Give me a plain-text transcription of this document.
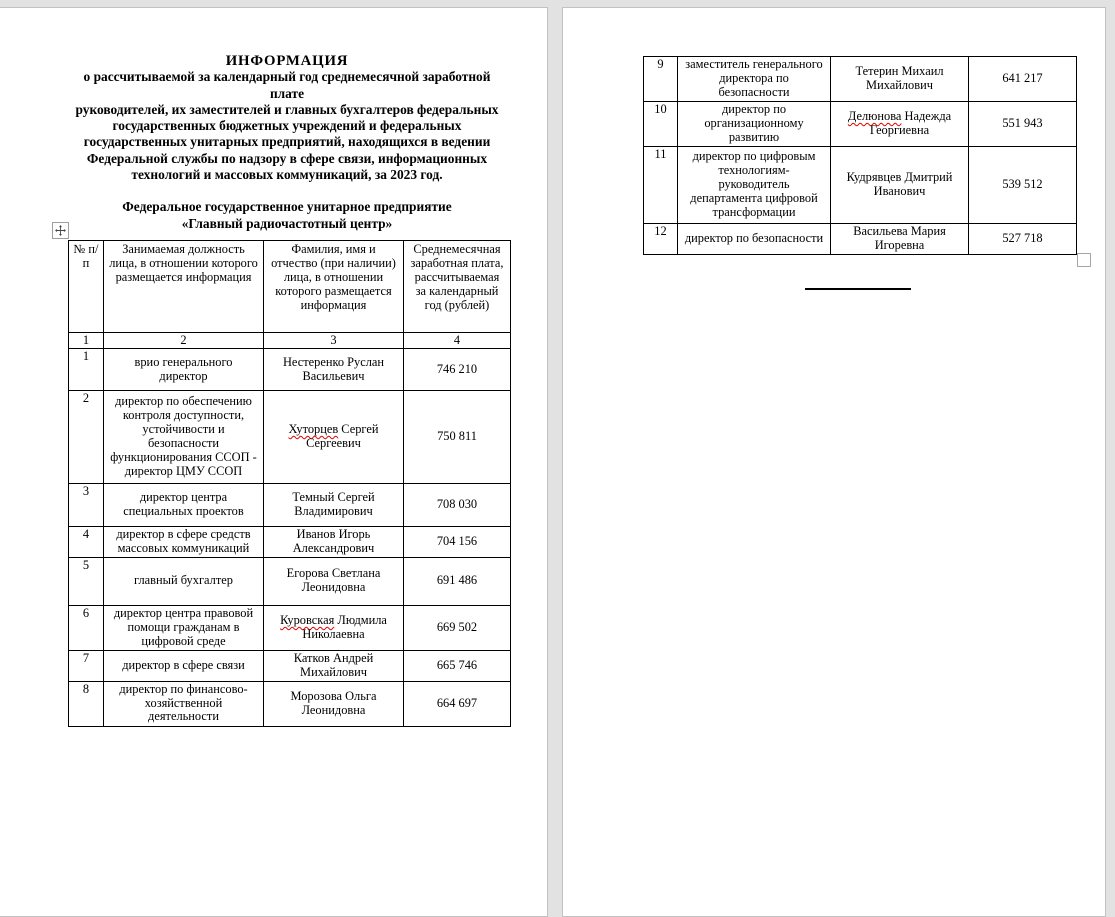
ИНФОРМАЦИЯ
о рассчитываемой за календарный год среднемесячной заработной плате
руководителей, их заместителей и главных бухгалтеров федеральных
государственных бюджетных учреждений и федеральных
государственных унитарных предприятий, находящихся в ведении
Федеральной службы по надзору в сфере связи, информационных
технологий и массовых коммуникаций, за 2023 год.
Федеральное государственное унитарное предприятие
«Главный радиочастотный центр»
№ п/п	Занимаемая должность лица, в отношении которого размещается информация	Фамилия, имя и отчество (при наличии) лица, в отношении которого размещается информация	Среднемесячная заработная плата, рассчитываемая за календарный год (рублей)
1	2	3	4
1	врио генерального директор	Нестеренко Руслан Васильевич	746 210
2	директор по обеспечению контроля доступности, устойчивости и безопасности функционирования ССОП - директор ЦМУ ССОП	Хуторцев Сергей Сергеевич	750 811
3	директор центра специальных проектов	Темный Сергей Владимирович	708 030
4	директор в сфере средств массовых коммуникаций	Иванов Игорь Александрович	704 156
5	главный бухгалтер	Егорова Светлана Леонидовна	691 486
6	директор центра правовой помощи гражданам в цифровой среде	Куровская Людмила Николаевна	669 502
7	директор в сфере связи	Катков Андрей Михайлович	665 746
8	директор по финансово-хозяйственной деятельности	Морозова Ольга Леонидовна	664 697
9	заместитель генерального директора по безопасности	Тетерин Михаил Михайлович	641 217
10	директор по организационному развитию	Делюнова Надежда Георгиевна	551 943
11	директор по цифровым технологиям-руководитель департамента цифровой трансформации	Кудрявцев Дмитрий Иванович	539 512
12	директор по безопасности	Васильева Мария Игоревна	527 718
